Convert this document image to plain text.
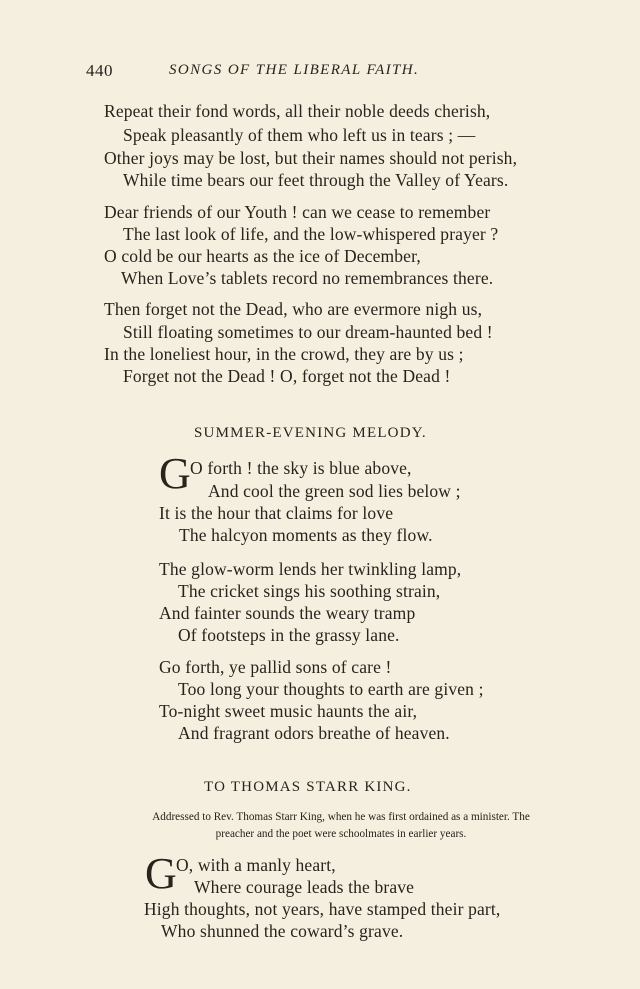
440	SONGS OF THE LIBERAL FAITH.
Repeat their fond words, all their noble deeds cherish,
Speak pleasantly of them who left us in tears ; —
Other joys may be lost, but their names should not perish,
While time bears our feet through the Valley of Years.
Dear friends of our Youth ! can we cease to remember
The last look of life, and the low-whispered prayer ?
O cold be our hearts as the ice of December,
When Love’s tablets record no remembrances there.
Then forget not the Dead, who are evermore nigh us,
Still floating sometimes to our dream-haunted bed !
In the loneliest hour, in the crowd, they are by us ;
Forget not the Dead ! O, forget not the Dead !
SUMMER-EVENING MELODY.
G O forth ! the sky is blue above,
And cool the green sod lies below ;
It is the hour that claims for love
The halcyon moments as they flow.
The glow-worm lends her twinkling lamp,
The cricket sings his soothing strain,
And fainter sounds the weary tramp
Of footsteps in the grassy lane.
Go forth, ye pallid sons of care !
Too long your thoughts to earth are given ;
To-night sweet music haunts the air,
And fragrant odors breathe of heaven.
TO THOMAS STARR KING.
Addressed to Rev. Thomas Starr King, when he was first ordained as a minister. The
preacher and the poet were schoolmates in earlier years.
G O, with a manly heart,
Where courage leads the brave
High thoughts, not years, have stamped their part,
Who shunned the coward’s grave.
